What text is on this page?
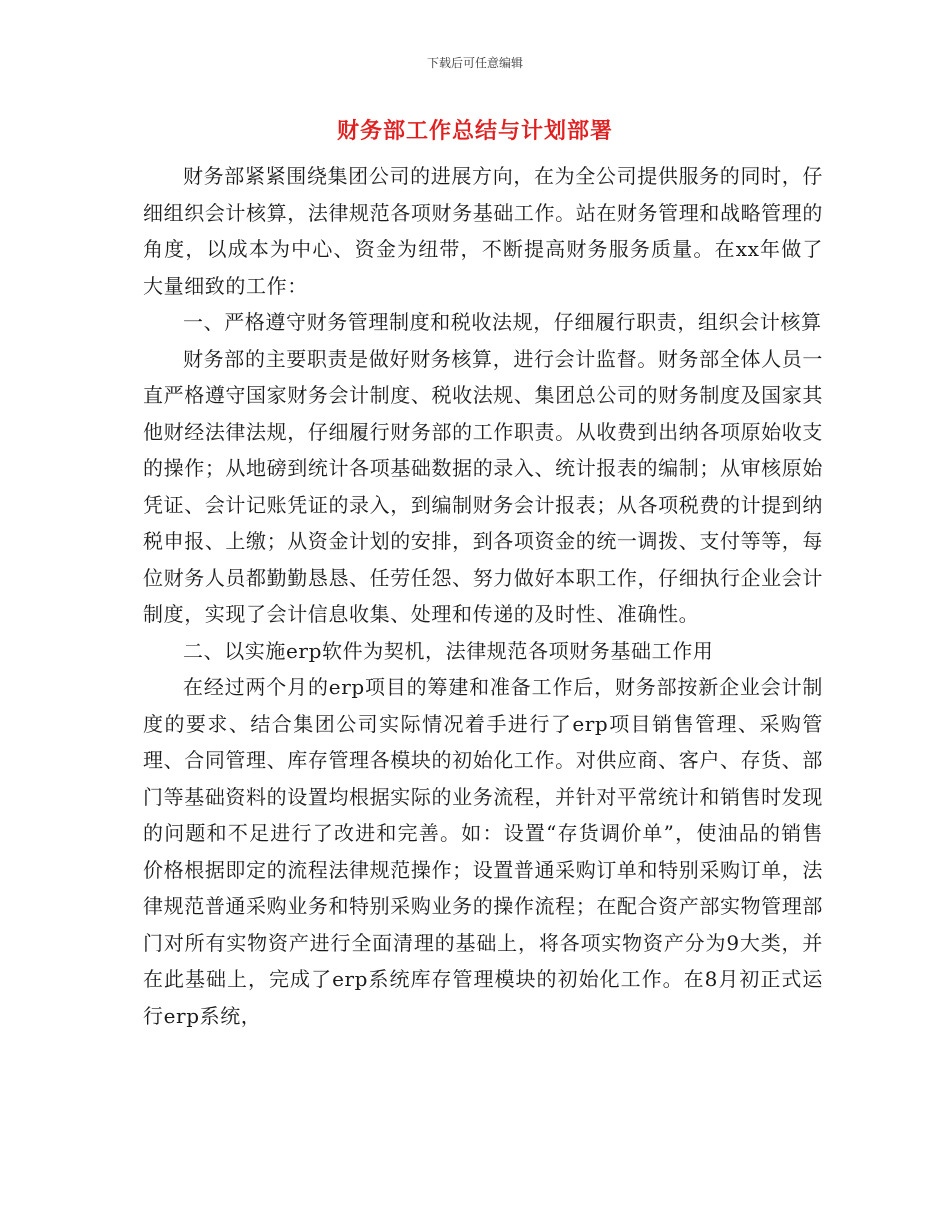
下载后可任意编辑
财务部工作总结与计划部署

财务部紧紧围绕集团公司的进展方向，在为全公司提供服务的同时，仔细组织会计核算，法律规范各项财务基础工作。站在财务管理和战略管理的角度，以成本为中心、资金为纽带，不断提高财务服务质量。在xx年做了大量细致的工作：

一、严格遵守财务管理制度和税收法规，仔细履行职责，组织会计核算

财务部的主要职责是做好财务核算，进行会计监督。财务部全体人员一直严格遵守国家财务会计制度、税收法规、集团总公司的财务制度及国家其他财经法律法规，仔细履行财务部的工作职责。从收费到出纳各项原始收支的操作；从地磅到统计各项基础数据的录入、统计报表的编制；从审核原始凭证、会计记账凭证的录入，到编制财务会计报表；从各项税费的计提到纳税申报、上缴；从资金计划的安排，到各项资金的统一调拨、支付等等，每位财务人员都勤勤恳恳、任劳任怨、努力做好本职工作，仔细执行企业会计制度，实现了会计信息收集、处理和传递的及时性、准确性。

二、以实施erp软件为契机，法律规范各项财务基础工作用

在经过两个月的erp项目的筹建和准备工作后，财务部按新企业会计制度的要求、结合集团公司实际情况着手进行了erp项目销售管理、采购管理、合同管理、库存管理各模块的初始化工作。对供应商、客户、存货、部门等基础资料的设置均根据实际的业务流程，并针对平常统计和销售时发现的问题和不足进行了改进和完善。如：设置“存货调价单”，使油品的销售价格根据即定的流程法律规范操作；设置普通采购订单和特别采购订单，法律规范普通采购业务和特别采购业务的操作流程；在配合资产部实物管理部门对所有实物资产进行全面清理的基础上，将各项实物资产分为9大类，并在此基础上，完成了erp系统库存管理模块的初始化工作。在8月初正式运行erp系统，
